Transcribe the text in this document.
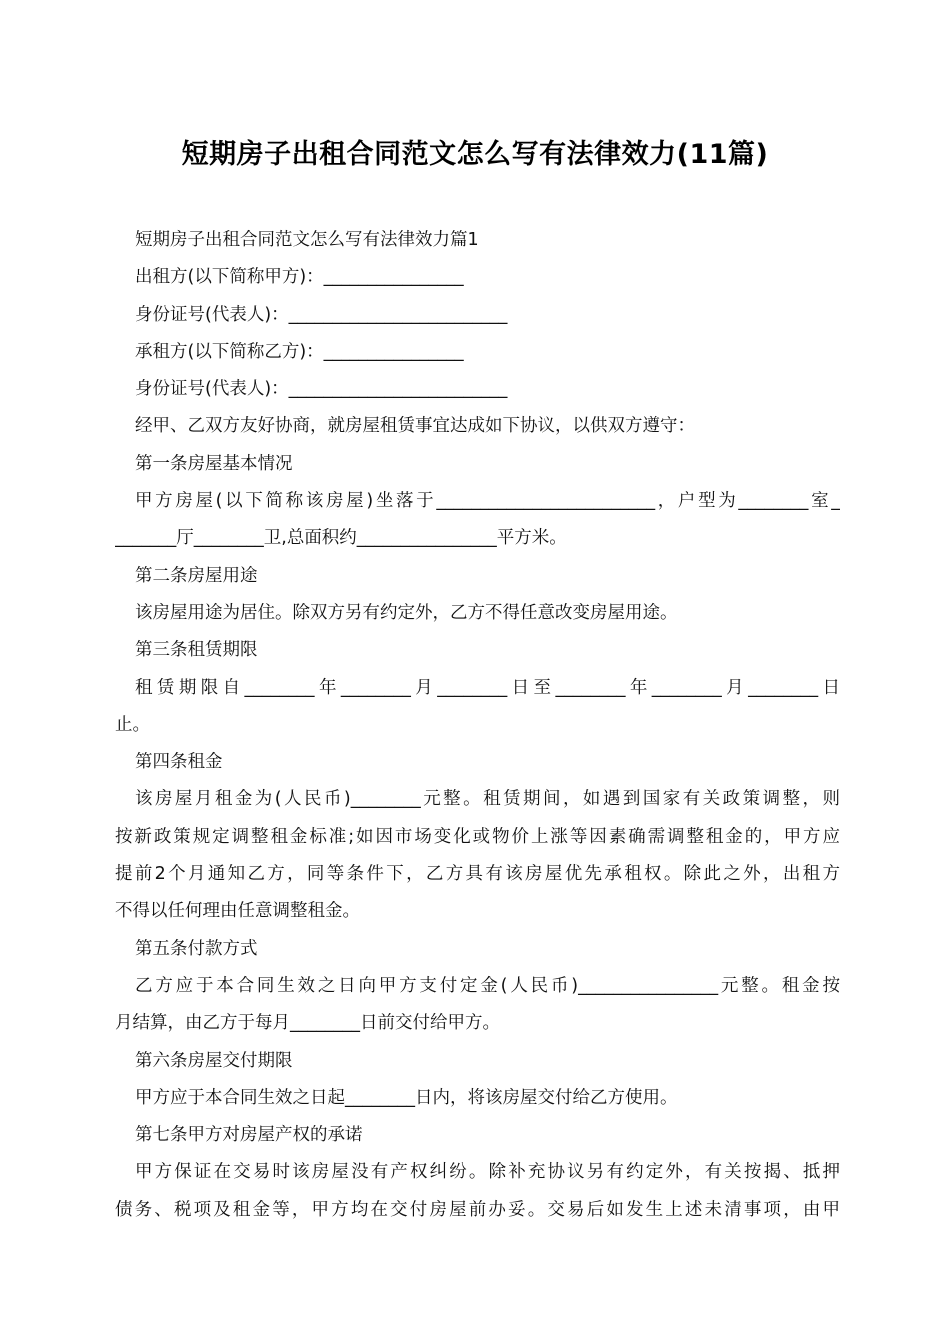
短期房子出租合同范文怎么写有法律效力(11篇)
短期房子出租合同范文怎么写有法律效力篇1
出租方(以下简称甲方)：________________
身份证号(代表人)：_________________________
承租方(以下简称乙方)：________________
身份证号(代表人)：_________________________
经甲、乙双方友好协商，就房屋租赁事宜达成如下协议，以供双方遵守：
第一条房屋基本情况
甲方房屋(以下简称该房屋)坐落于_________________________，户型为________室_
_______厅________卫,总面积约________________平方米。
第二条房屋用途
该房屋用途为居住。除双方另有约定外，乙方不得任意改变房屋用途。
第三条租赁期限
租赁期限自________年________月________日至________年________月________日
止。
第四条租金
该房屋月租金为(人民币)________元整。租赁期间，如遇到国家有关政策调整，则
按新政策规定调整租金标准;如因市场变化或物价上涨等因素确需调整租金的，甲方应
提前2个月通知乙方，同等条件下，乙方具有该房屋优先承租权。除此之外，出租方
不得以任何理由任意调整租金。
第五条付款方式
乙方应于本合同生效之日向甲方支付定金(人民币)________________元整。租金按
月结算，由乙方于每月________日前交付给甲方。
第六条房屋交付期限
甲方应于本合同生效之日起________日内，将该房屋交付给乙方使用。
第七条甲方对房屋产权的承诺
甲方保证在交易时该房屋没有产权纠纷。除补充协议另有约定外，有关按揭、抵押
债务、税项及租金等，甲方均在交付房屋前办妥。交易后如发生上述未清事项，由甲
